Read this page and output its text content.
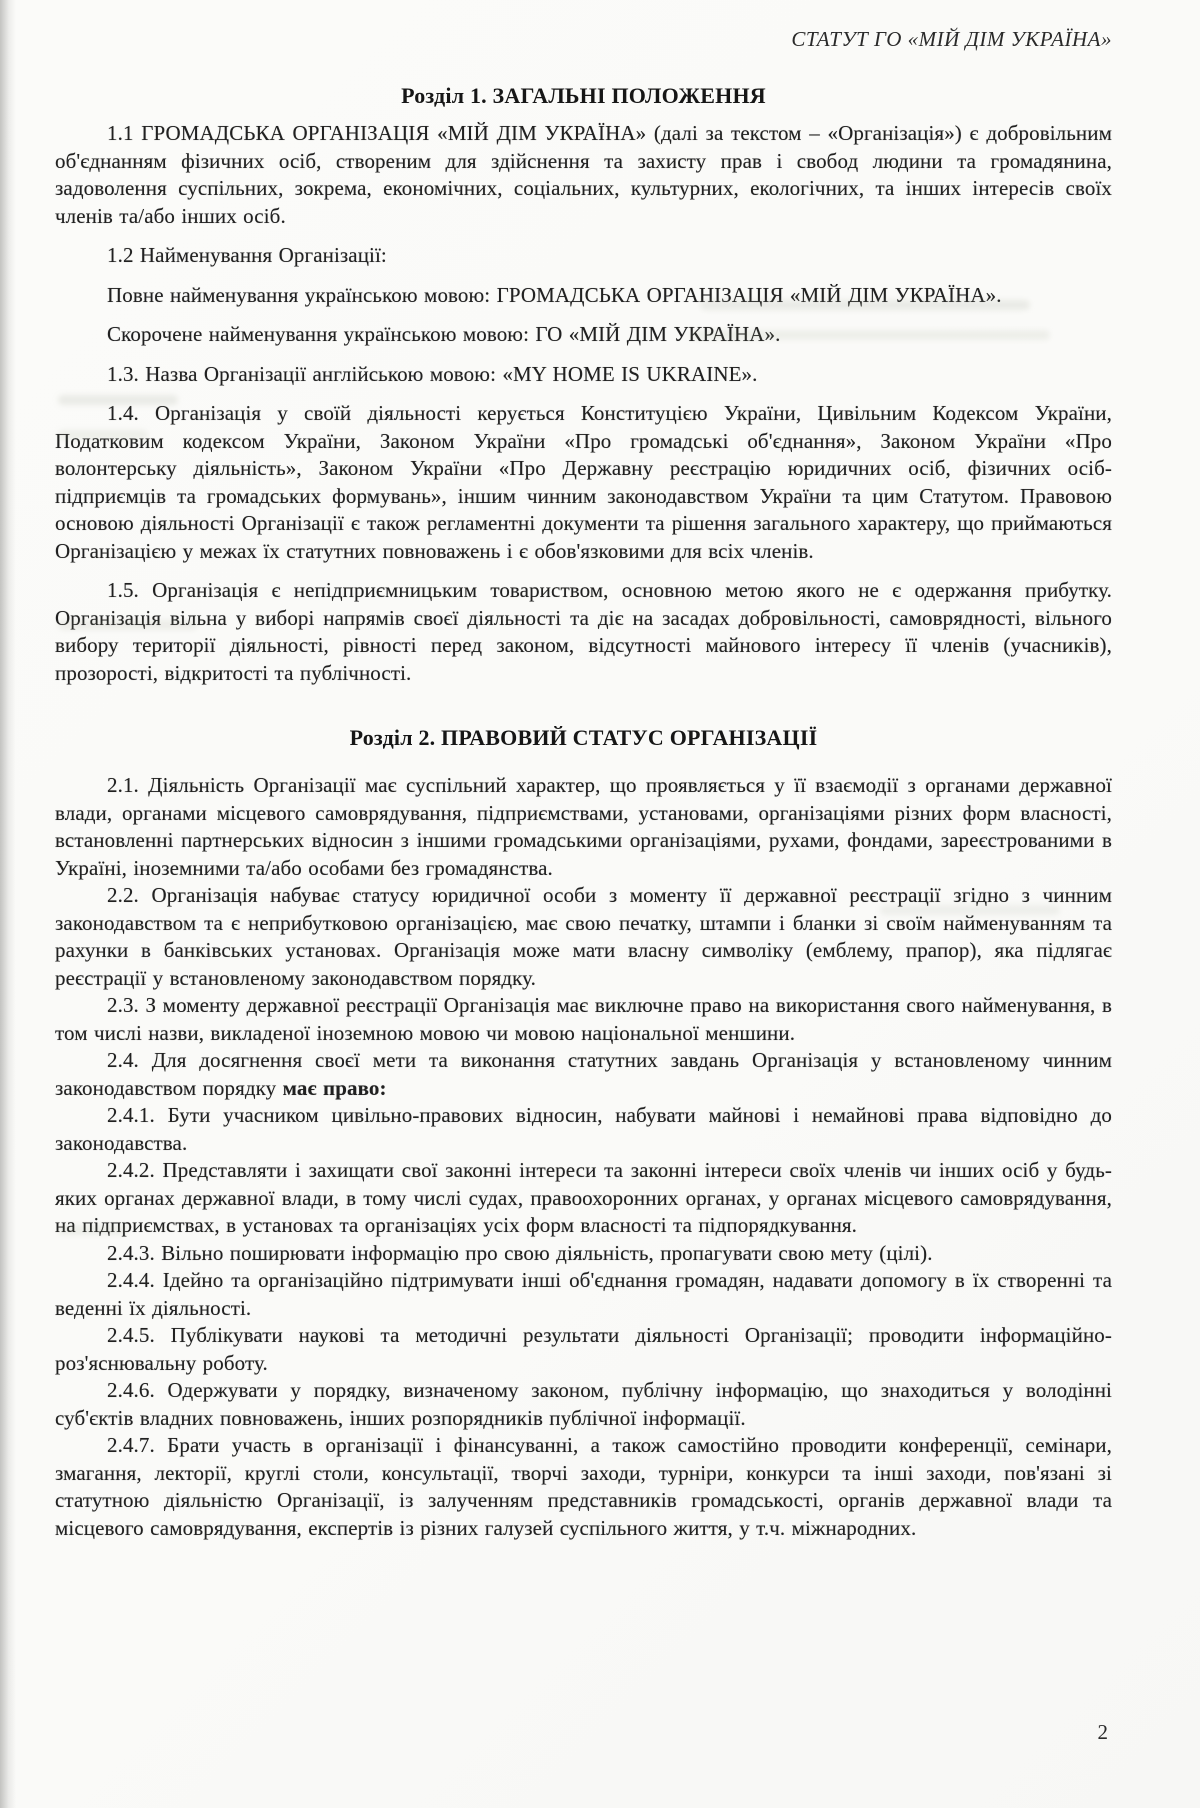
СТАТУТ ГО «МІЙ ДІМ УКРАЇНА»
Розділ 1. ЗАГАЛЬНІ ПОЛОЖЕННЯ

1.1 ГРОМАДСЬКА ОРГАНІЗАЦІЯ «МІЙ ДІМ УКРАЇНА» (далі за текстом – «Організація») є добровільним об'єднанням фізичних осіб, створеним для здійснення та захисту прав і свобод людини та громадянина, задоволення суспільних, зокрема, економічних, соціальних, культурних, екологічних, та інших інтересів своїх членів та/або інших осіб.

1.2 Найменування Організації:

Повне найменування українською мовою: ГРОМАДСЬКА ОРГАНІЗАЦІЯ «МІЙ ДІМ УКРАЇНА».

Скорочене найменування українською мовою: ГО «МІЙ ДІМ УКРАЇНА».

1.3. Назва Організації англійською мовою: «MY HOME IS UKRAINE».

1.4. Організація у своїй діяльності керується Конституцією України, Цивільним Кодексом України, Податковим кодексом України, Законом України «Про громадські об'єднання», Законом України «Про волонтерську діяльність», Законом України «Про Державну реєстрацію юридичних осіб, фізичних осіб-підприємців та громадських формувань», іншим чинним законодавством України та цим Статутом. Правовою основою діяльності Організації є також регламентні документи та рішення загального характеру, що приймаються Організацією у межах їх статутних повноважень і є обов'язковими для всіх членів.

1.5. Організація є непідприємницьким товариством, основною метою якого не є одержання прибутку. Організація вільна у виборі напрямів своєї діяльності та діє на засадах добровільності, самоврядності, вільного вибору території діяльності, рівності перед законом, відсутності майнового інтересу її членів (учасників), прозорості, відкритості та публічності.

Розділ 2. ПРАВОВИЙ СТАТУС ОРГАНІЗАЦІЇ

2.1. Діяльність Організації має суспільний характер, що проявляється у її взаємодії з органами державної влади, органами місцевого самоврядування, підприємствами, установами, організаціями різних форм власності, встановленні партнерських відносин з іншими громадськими організаціями, рухами, фондами, зареєстрованими в Україні, іноземними та/або особами без громадянства.

2.2. Організація набуває статусу юридичної особи з моменту її державної реєстрації згідно з чинним законодавством та є неприбутковою організацією, має свою печатку, штампи і бланки зі своїм найменуванням та рахунки в банківських установах. Організація може мати власну символіку (емблему, прапор), яка підлягає реєстрації у встановленому законодавством порядку.

2.3. З моменту державної реєстрації Організація має виключне право на використання свого найменування, в том числі назви, викладеної іноземною мовою чи мовою національної меншини.

2.4. Для досягнення своєї мети та виконання статутних завдань Організація у встановленому чинним законодавством порядку має право:

2.4.1. Бути учасником цивільно-правових відносин, набувати майнові і немайнові права відповідно до законодавства.

2.4.2. Представляти і захищати свої законні інтереси та законні інтереси своїх членів чи інших осіб у будь-яких органах державної влади, в тому числі судах, правоохоронних органах, у органах місцевого самоврядування, на підприємствах, в установах та організаціях усіх форм власності та підпорядкування.

2.4.3. Вільно поширювати інформацію про свою діяльність, пропагувати свою мету (цілі).

2.4.4. Ідейно та організаційно підтримувати інші об'єднання громадян, надавати допомогу в їх створенні та веденні їх діяльності.

2.4.5. Публікувати наукові та методичні результати діяльності Організації; проводити інформаційно-роз'яснювальну роботу.

2.4.6. Одержувати у порядку, визначеному законом, публічну інформацію, що знаходиться у володінні суб'єктів владних повноважень, інших розпорядників публічної інформації.

2.4.7. Брати участь в організації і фінансуванні, а також самостійно проводити конференції, семінари, змагання, лекторії, круглі столи, консультації, творчі заходи, турніри, конкурси та інші заходи, пов'язані зі статутною діяльністю Організації, із залученням представників громадськості, органів державної влади та місцевого самоврядування, експертів із різних галузей суспільного життя, у т.ч. міжнародних.

2
